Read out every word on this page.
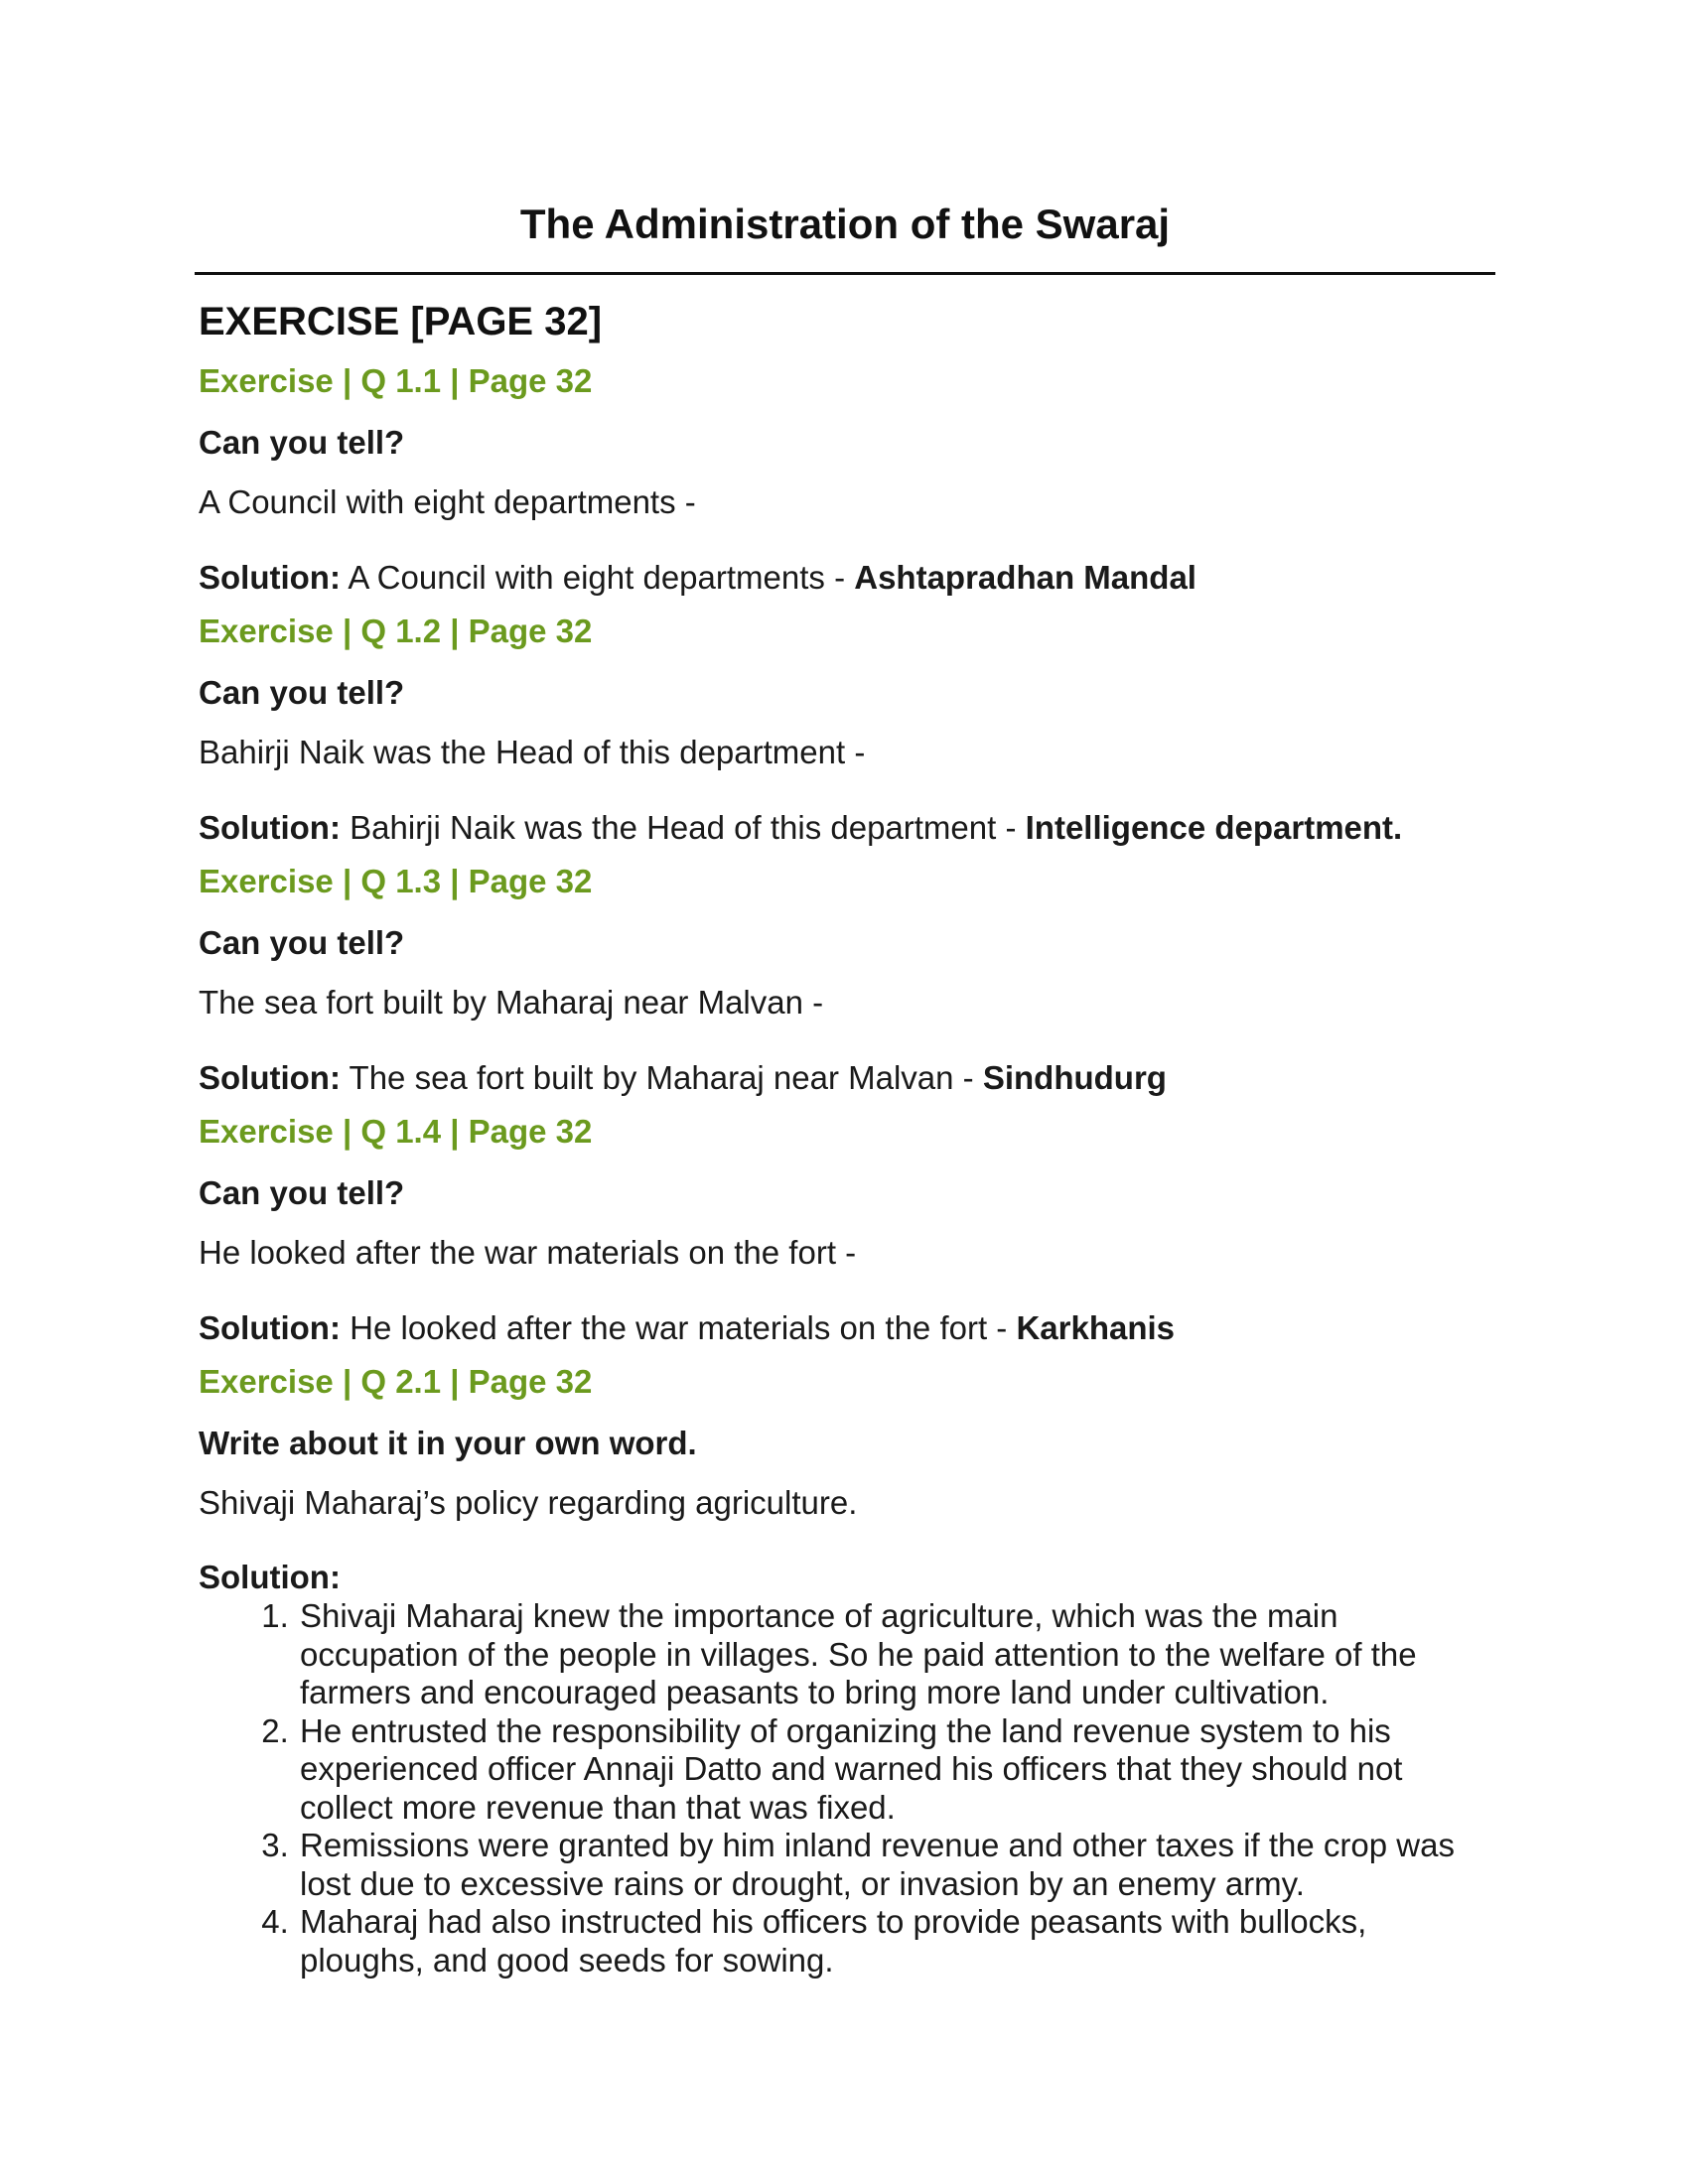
The Administration of the Swaraj
EXERCISE [PAGE 32]
Exercise | Q 1.1 | Page 32
Can you tell?
A Council with eight departments -
Solution: A Council with eight departments - Ashtapradhan Mandal
Exercise | Q 1.2 | Page 32
Can you tell?
Bahirji Naik was the Head of this department -
Solution: Bahirji Naik was the Head of this department - Intelligence department.
Exercise | Q 1.3 | Page 32
Can you tell?
The sea fort built by Maharaj near Malvan -
Solution: The sea fort built by Maharaj near Malvan - Sindhudurg
Exercise | Q 1.4 | Page 32
Can you tell?
He looked after the war materials on the fort -
Solution: He looked after the war materials on the fort - Karkhanis
Exercise | Q 2.1 | Page 32
Write about it in your own word.
Shivaji Maharaj’s policy regarding agriculture.
Solution:
1. Shivaji Maharaj knew the importance of agriculture, which was the main occupation of the people in villages. So he paid attention to the welfare of the farmers and encouraged peasants to bring more land under cultivation.
2. He entrusted the responsibility of organizing the land revenue system to his experienced officer Annaji Datto and warned his officers that they should not collect more revenue than that was fixed.
3. Remissions were granted by him inland revenue and other taxes if the crop was lost due to excessive rains or drought, or invasion by an enemy army.
4. Maharaj had also instructed his officers to provide peasants with bullocks, ploughs, and good seeds for sowing.
